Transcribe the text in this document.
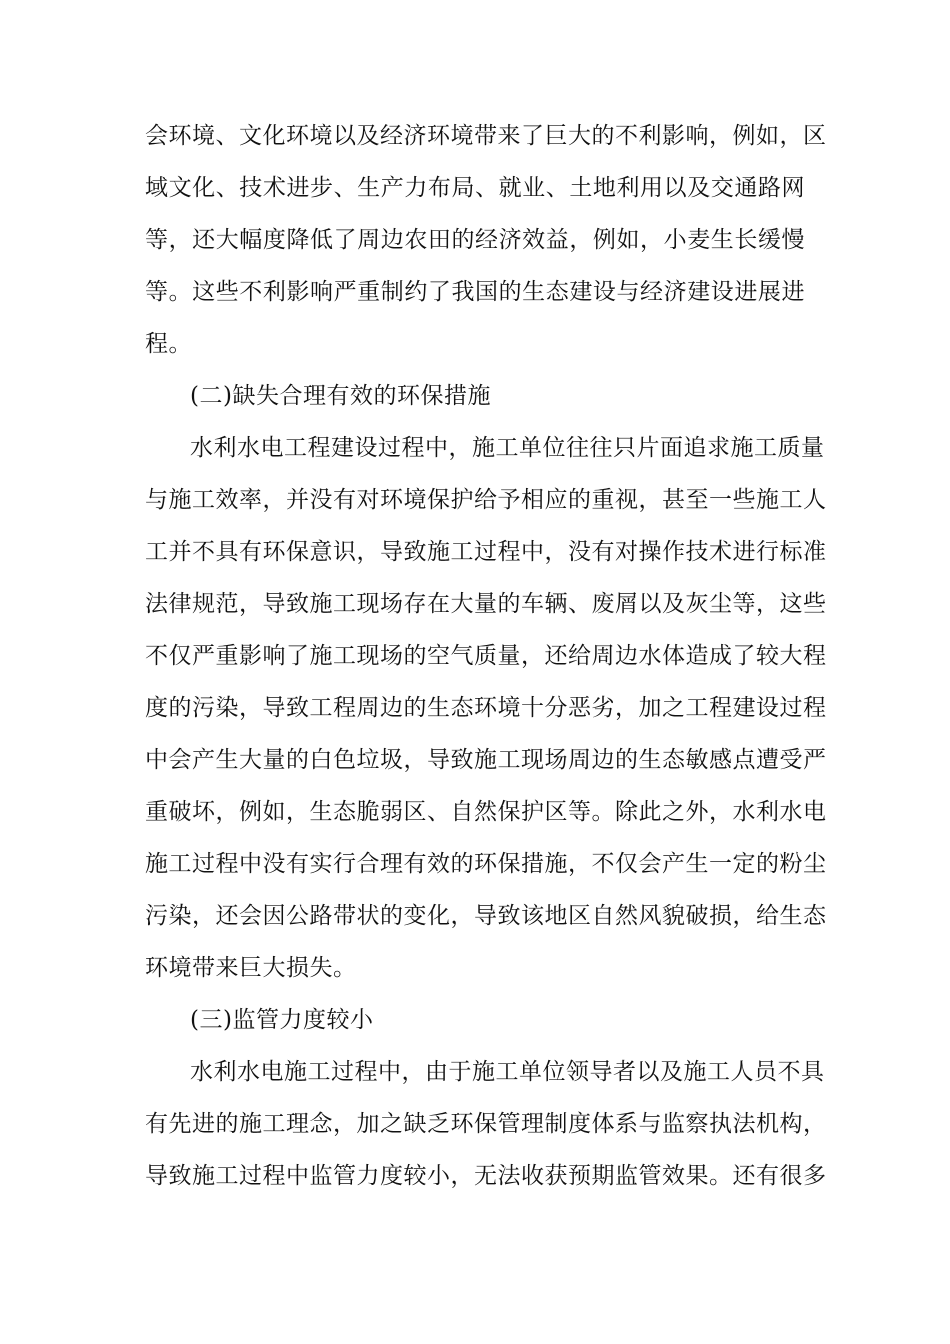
会环境、文化环境以及经济环境带来了巨大的不利影响，例如，区
域文化、技术进步、生产力布局、就业、土地利用以及交通路网
等，还大幅度降低了周边农田的经济效益，例如，小麦生长缓慢
等。这些不利影响严重制约了我国的生态建设与经济建设进展进
程。
(二)缺失合理有效的环保措施
水利水电工程建设过程中，施工单位往往只片面追求施工质量
与施工效率，并没有对环境保护给予相应的重视，甚至一些施工人
工并不具有环保意识，导致施工过程中，没有对操作技术进行标准
法律规范，导致施工现场存在大量的车辆、废屑以及灰尘等，这些
不仅严重影响了施工现场的空气质量，还给周边水体造成了较大程
度的污染，导致工程周边的生态环境十分恶劣，加之工程建设过程
中会产生大量的白色垃圾，导致施工现场周边的生态敏感点遭受严
重破坏，例如，生态脆弱区、自然保护区等。除此之外，水利水电
施工过程中没有实行合理有效的环保措施，不仅会产生一定的粉尘
污染，还会因公路带状的变化，导致该地区自然风貌破损，给生态
环境带来巨大损失。
(三)监管力度较小
水利水电施工过程中，由于施工单位领导者以及施工人员不具
有先进的施工理念，加之缺乏环保管理制度体系与监察执法机构，
导致施工过程中监管力度较小，无法收获预期监管效果。还有很多
